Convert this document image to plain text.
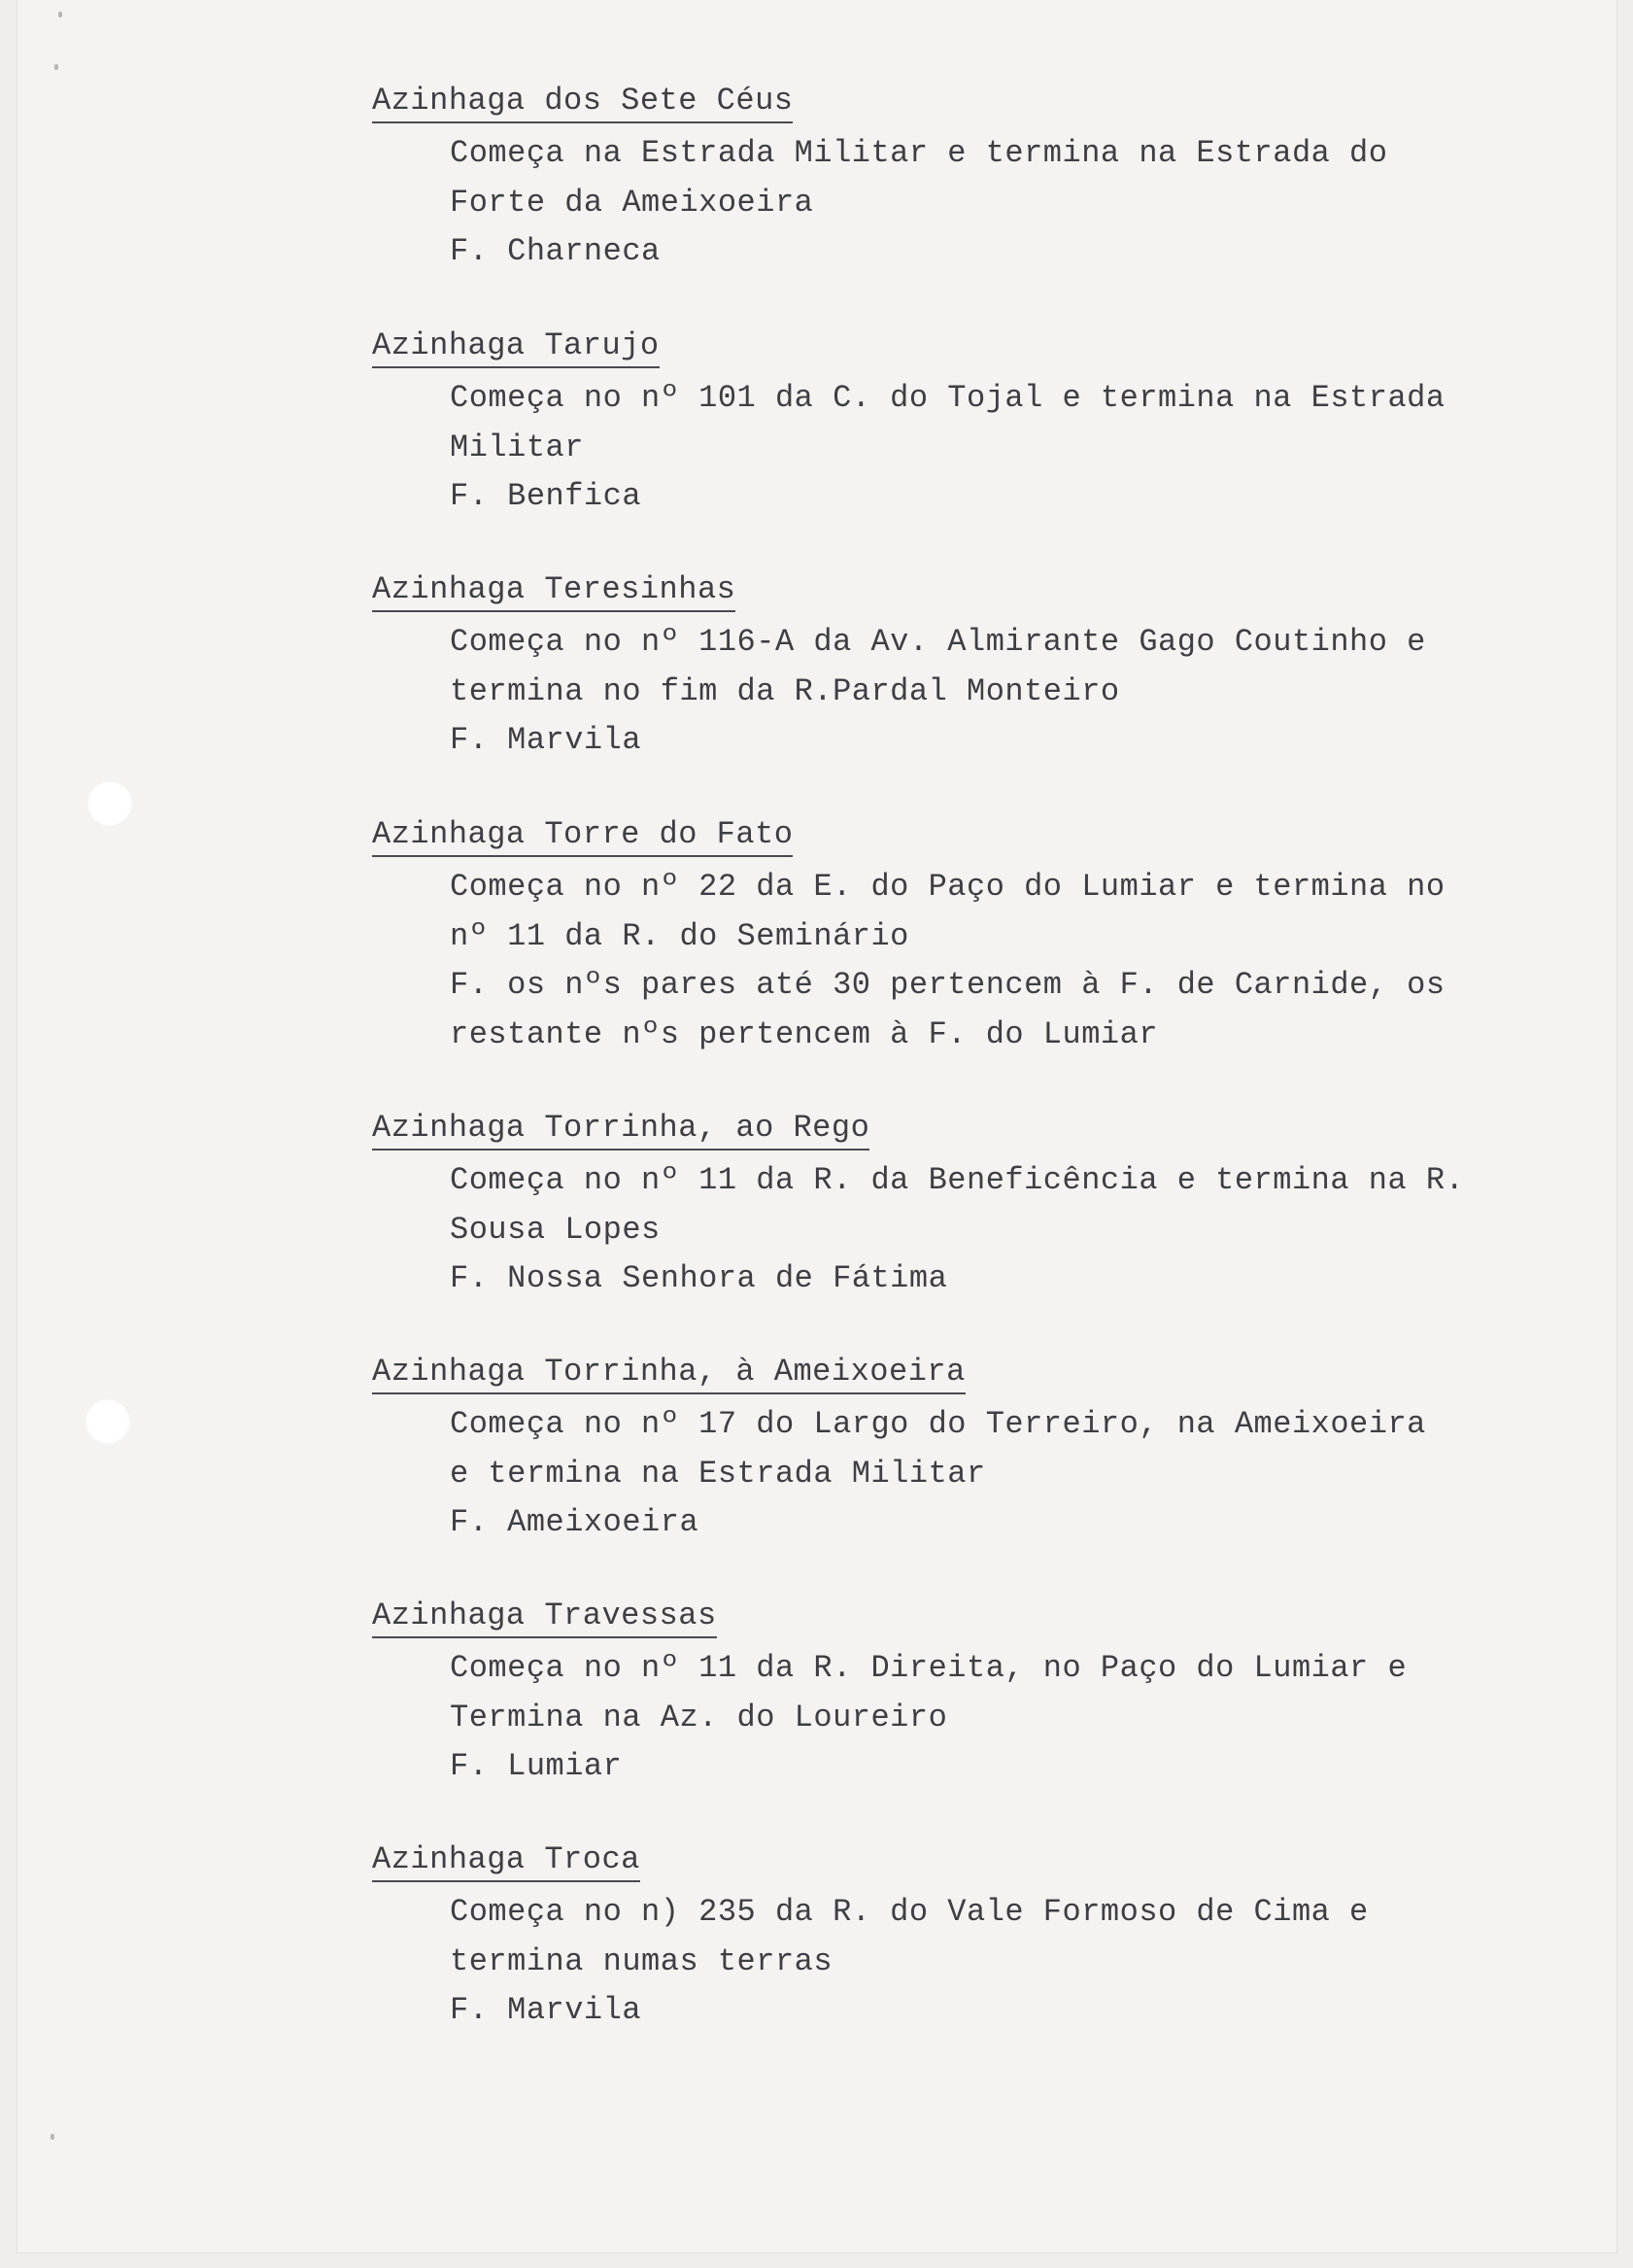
Azinhaga dos Sete Céus
Começa na Estrada Militar e termina na Estrada do
Forte da Ameixoeira
F. Charneca
Azinhaga Tarujo
Começa no nº 101 da C. do Tojal e termina na Estrada
Militar
F. Benfica
Azinhaga Teresinhas
Começa no nº 116-A da Av. Almirante Gago Coutinho e
termina no fim da R.Pardal Monteiro
F. Marvila
Azinhaga Torre do Fato
Começa no nº 22 da E. do Paço do Lumiar e termina no
nº 11 da R. do Seminário
F. os nºs pares até 30 pertencem à F. de Carnide, os
restante nºs pertencem à F. do Lumiar
Azinhaga Torrinha, ao Rego
Começa no nº 11 da R. da Beneficência e termina na R.
Sousa Lopes
F. Nossa Senhora de Fátima
Azinhaga Torrinha, à Ameixoeira
Começa no nº 17 do Largo do Terreiro, na Ameixoeira
e termina na Estrada Militar
F. Ameixoeira
Azinhaga Travessas
Começa no nº 11 da R. Direita, no Paço do Lumiar e
Termina na Az. do Loureiro
F. Lumiar
Azinhaga Troca
Começa no n) 235 da R. do Vale Formoso de Cima e
termina numas terras
F. Marvila
